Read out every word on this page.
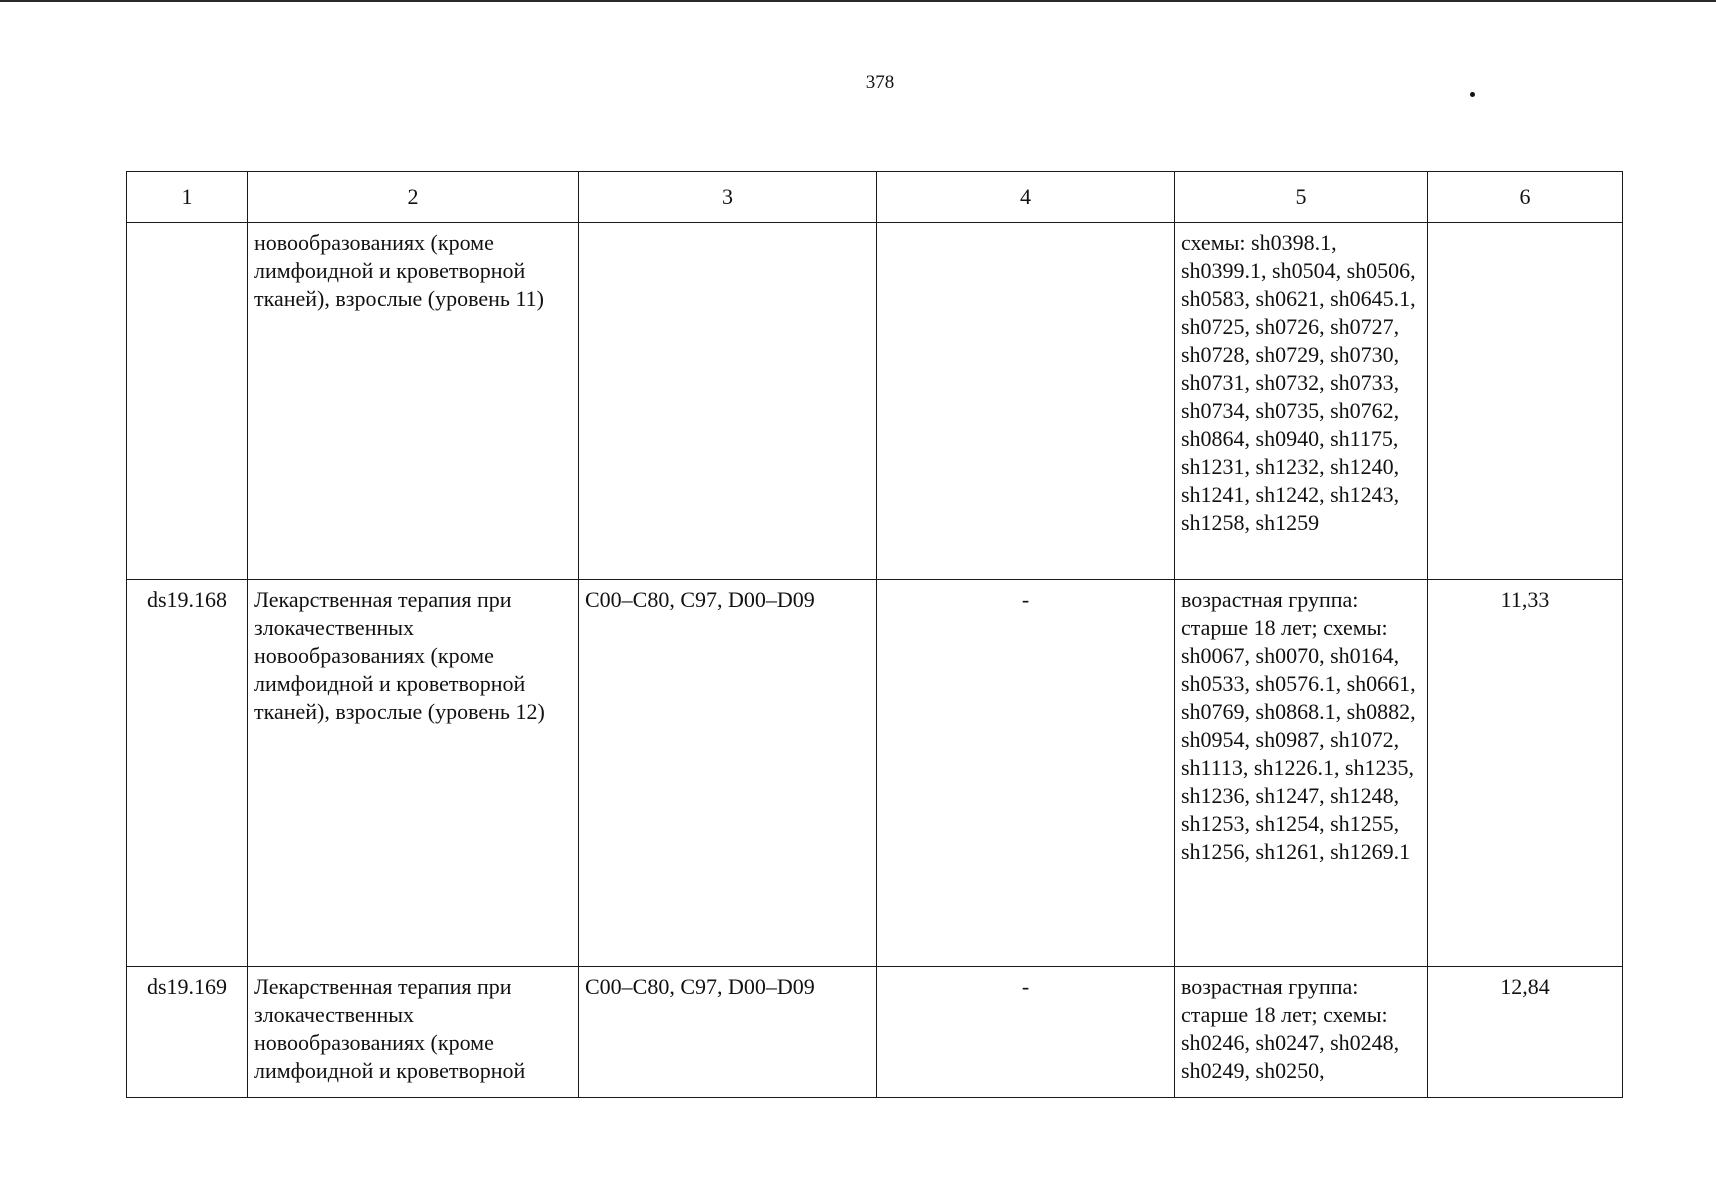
378
1	2	3	4	5	6
	новообразованиях (кроме лимфоидной и кроветворной тканей), взрослые (уровень 11)			схемы: sh0398.1, sh0399.1, sh0504, sh0506, sh0583, sh0621, sh0645.1, sh0725, sh0726, sh0727, sh0728, sh0729, sh0730, sh0731, sh0732, sh0733, sh0734, sh0735, sh0762, sh0864, sh0940, sh1175, sh1231, sh1232, sh1240, sh1241, sh1242, sh1243, sh1258, sh1259	
ds19.168	Лекарственная терапия при злокачественных новообразованиях (кроме лимфоидной и кроветворной тканей), взрослые (уровень 12)	C00–C80, C97, D00–D09	-	возрастная группа: старше 18 лет; схемы: sh0067, sh0070, sh0164, sh0533, sh0576.1, sh0661, sh0769, sh0868.1, sh0882, sh0954, sh0987, sh1072, sh1113, sh1226.1, sh1235, sh1236, sh1247, sh1248, sh1253, sh1254, sh1255, sh1256, sh1261, sh1269.1	11,33
ds19.169	Лекарственная терапия при злокачественных новообразованиях (кроме лимфоидной и кроветворной	C00–C80, C97, D00–D09	-	возрастная группа: старше 18 лет; схемы: sh0246, sh0247, sh0248, sh0249, sh0250,	12,84
